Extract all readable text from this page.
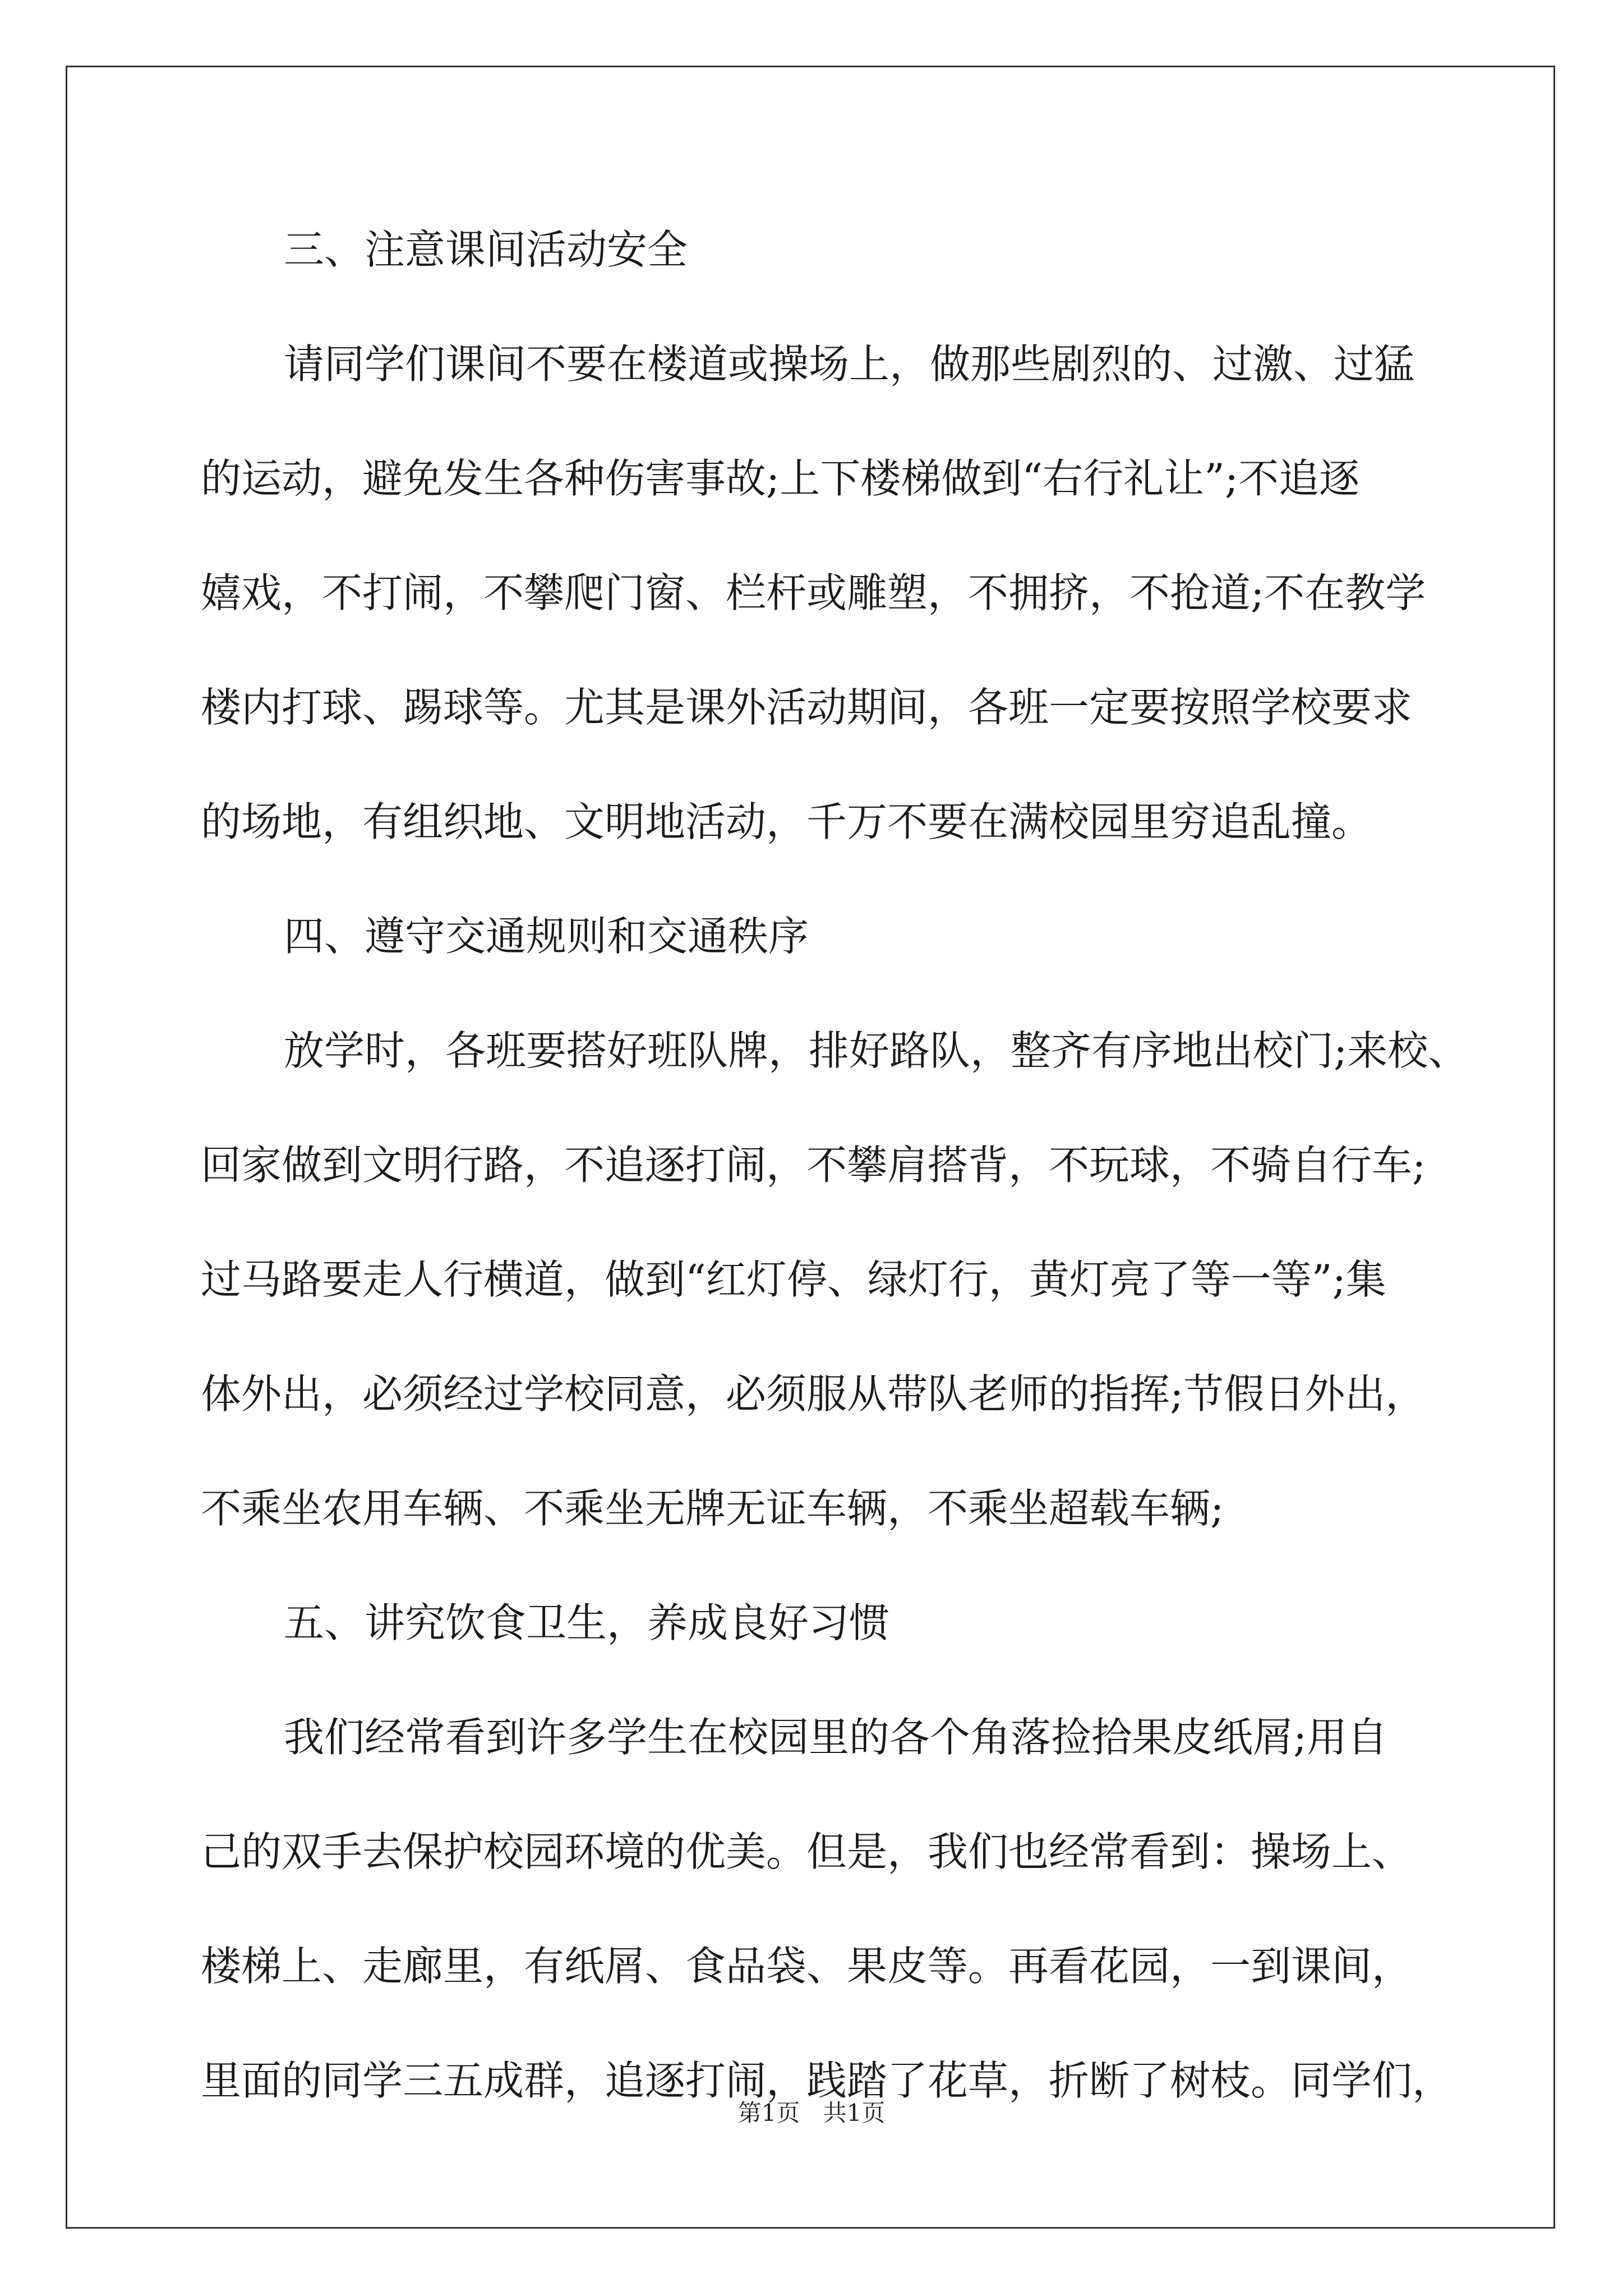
三、注意课间活动安全
请同学们课间不要在楼道或操场上，做那些剧烈的、过激、过猛
的运动，避免发生各种伤害事故;上下楼梯做到“右行礼让”;不追逐
嬉戏，不打闹，不攀爬门窗、栏杆或雕塑，不拥挤，不抢道;不在教学
楼内打球、踢球等。尤其是课外活动期间，各班一定要按照学校要求
的场地，有组织地、文明地活动，千万不要在满校园里穷追乱撞。
四、遵守交通规则和交通秩序
放学时，各班要搭好班队牌，排好路队，整齐有序地出校门;来校、
回家做到文明行路，不追逐打闹，不攀肩搭背，不玩球，不骑自行车;
过马路要走人行横道，做到“红灯停、绿灯行，黄灯亮了等一等”;集
体外出，必须经过学校同意，必须服从带队老师的指挥;节假日外出，
不乘坐农用车辆、不乘坐无牌无证车辆，不乘坐超载车辆;
五、讲究饮食卫生，养成良好习惯
我们经常看到许多学生在校园里的各个角落捡拾果皮纸屑;用自
己的双手去保护校园环境的优美。但是，我们也经常看到：操场上、
楼梯上、走廊里，有纸屑、食品袋、果皮等。再看花园，一到课间，
里面的同学三五成群，追逐打闹，践踏了花草，折断了树枝。同学们，
第1页 共1页
